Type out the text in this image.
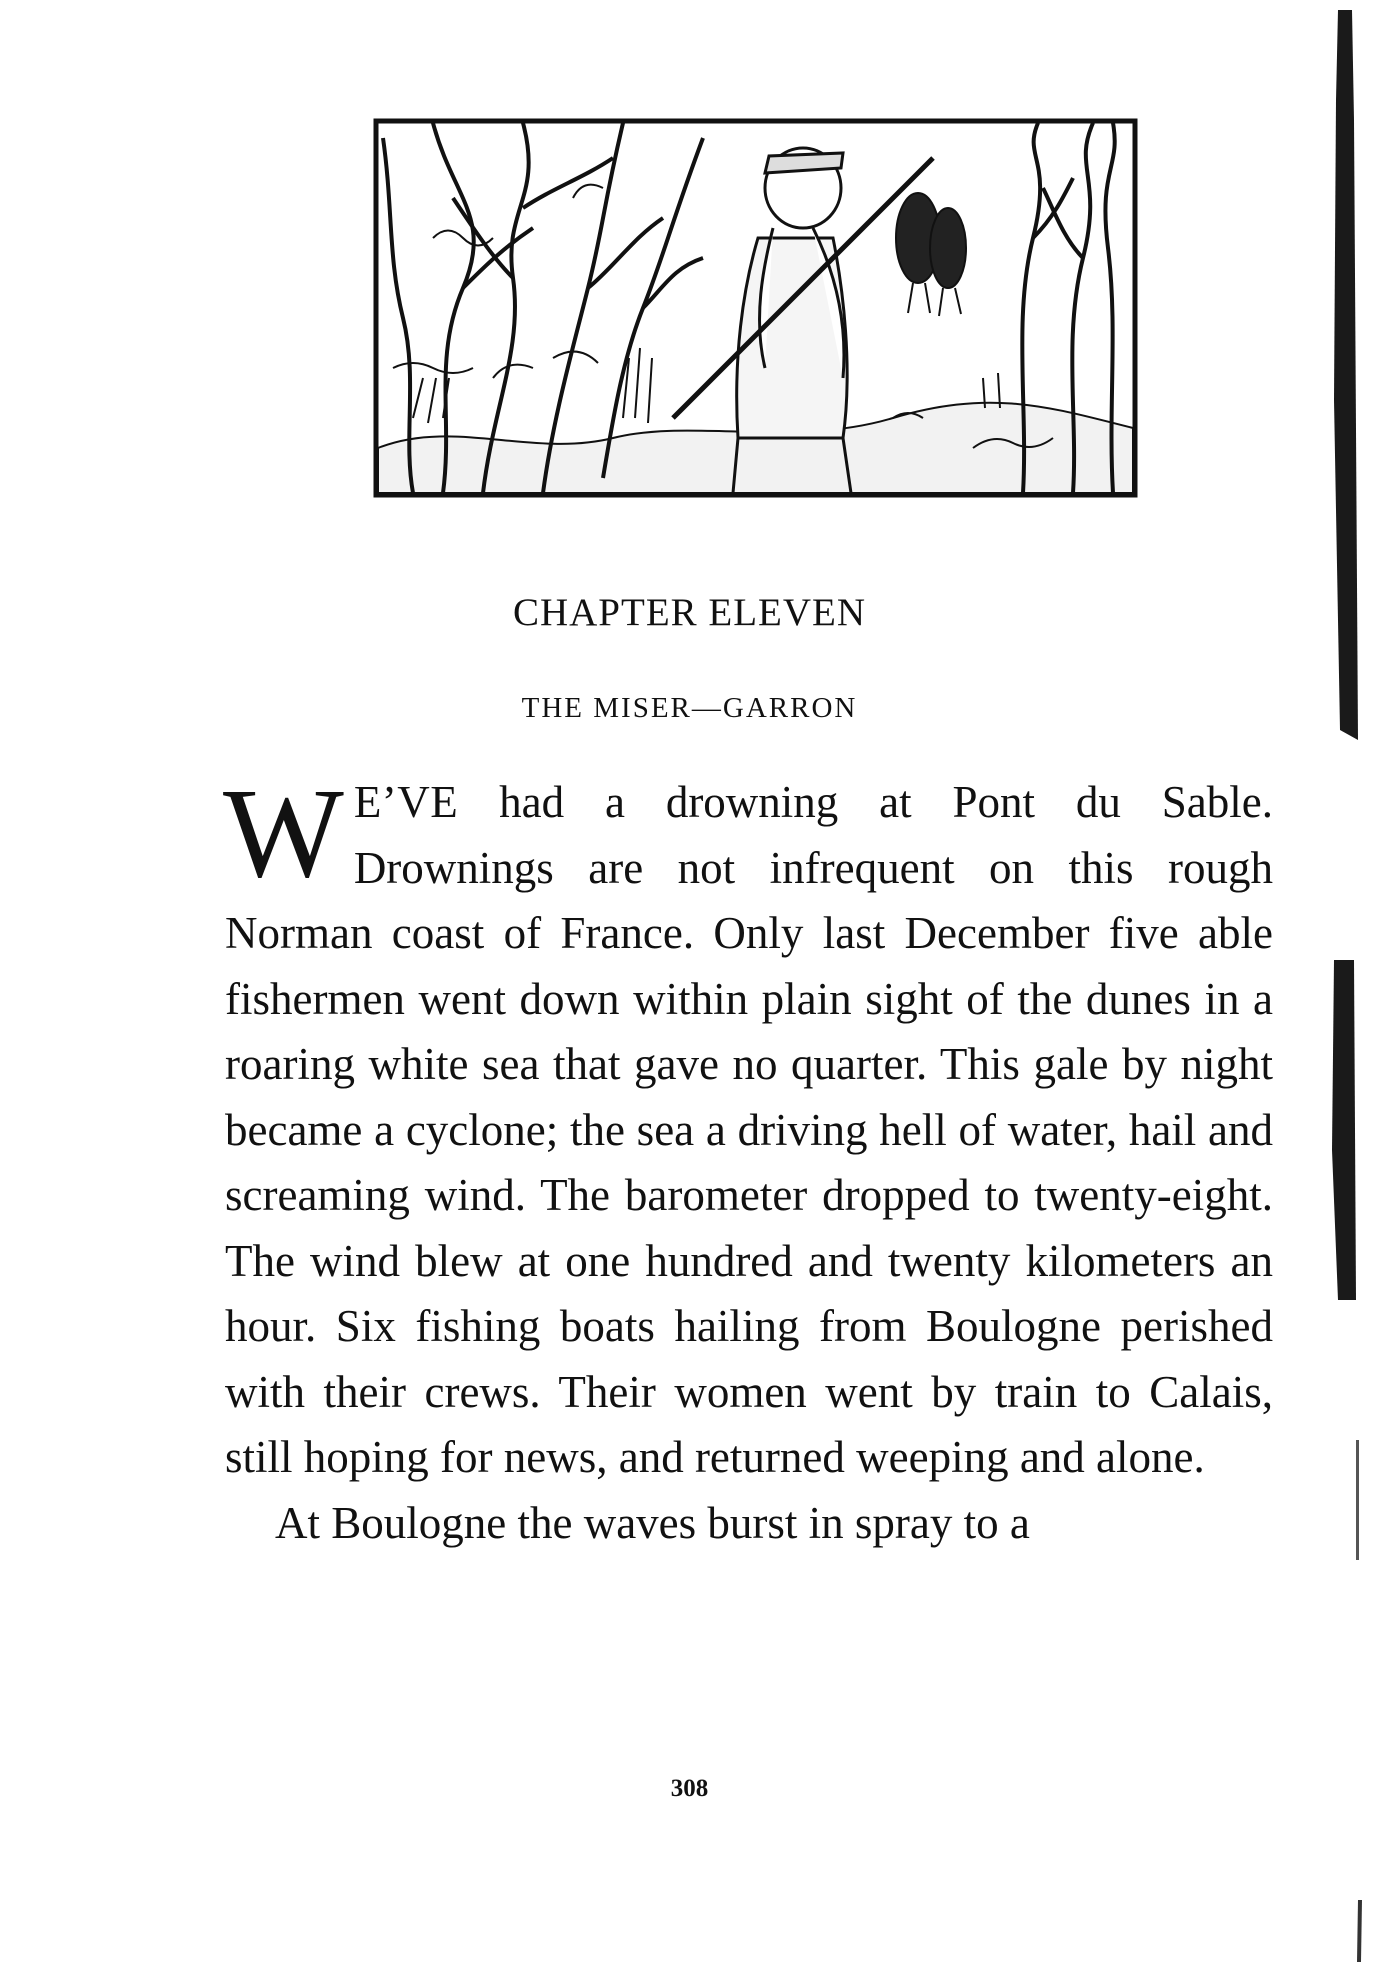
CHAPTER ELEVEN
THE MISER—GARRON

W E’VE had a drowning at Pont du Sable. Drownings are not infrequent on this rough Norman coast of France. Only last December five able fishermen went down within plain sight of the dunes in a roaring white sea that gave no quarter. This gale by night became a cyclone; the sea a driving hell of water, hail and screaming wind. The barometer dropped to twenty-eight. The wind blew at one hundred and twenty kilometers an hour. Six fishing boats hailing from Boulogne perished with their crews. Their women went by train to Calais, still hoping for news, and returned weeping and alone.

At Boulogne the waves burst in spray to a

308
